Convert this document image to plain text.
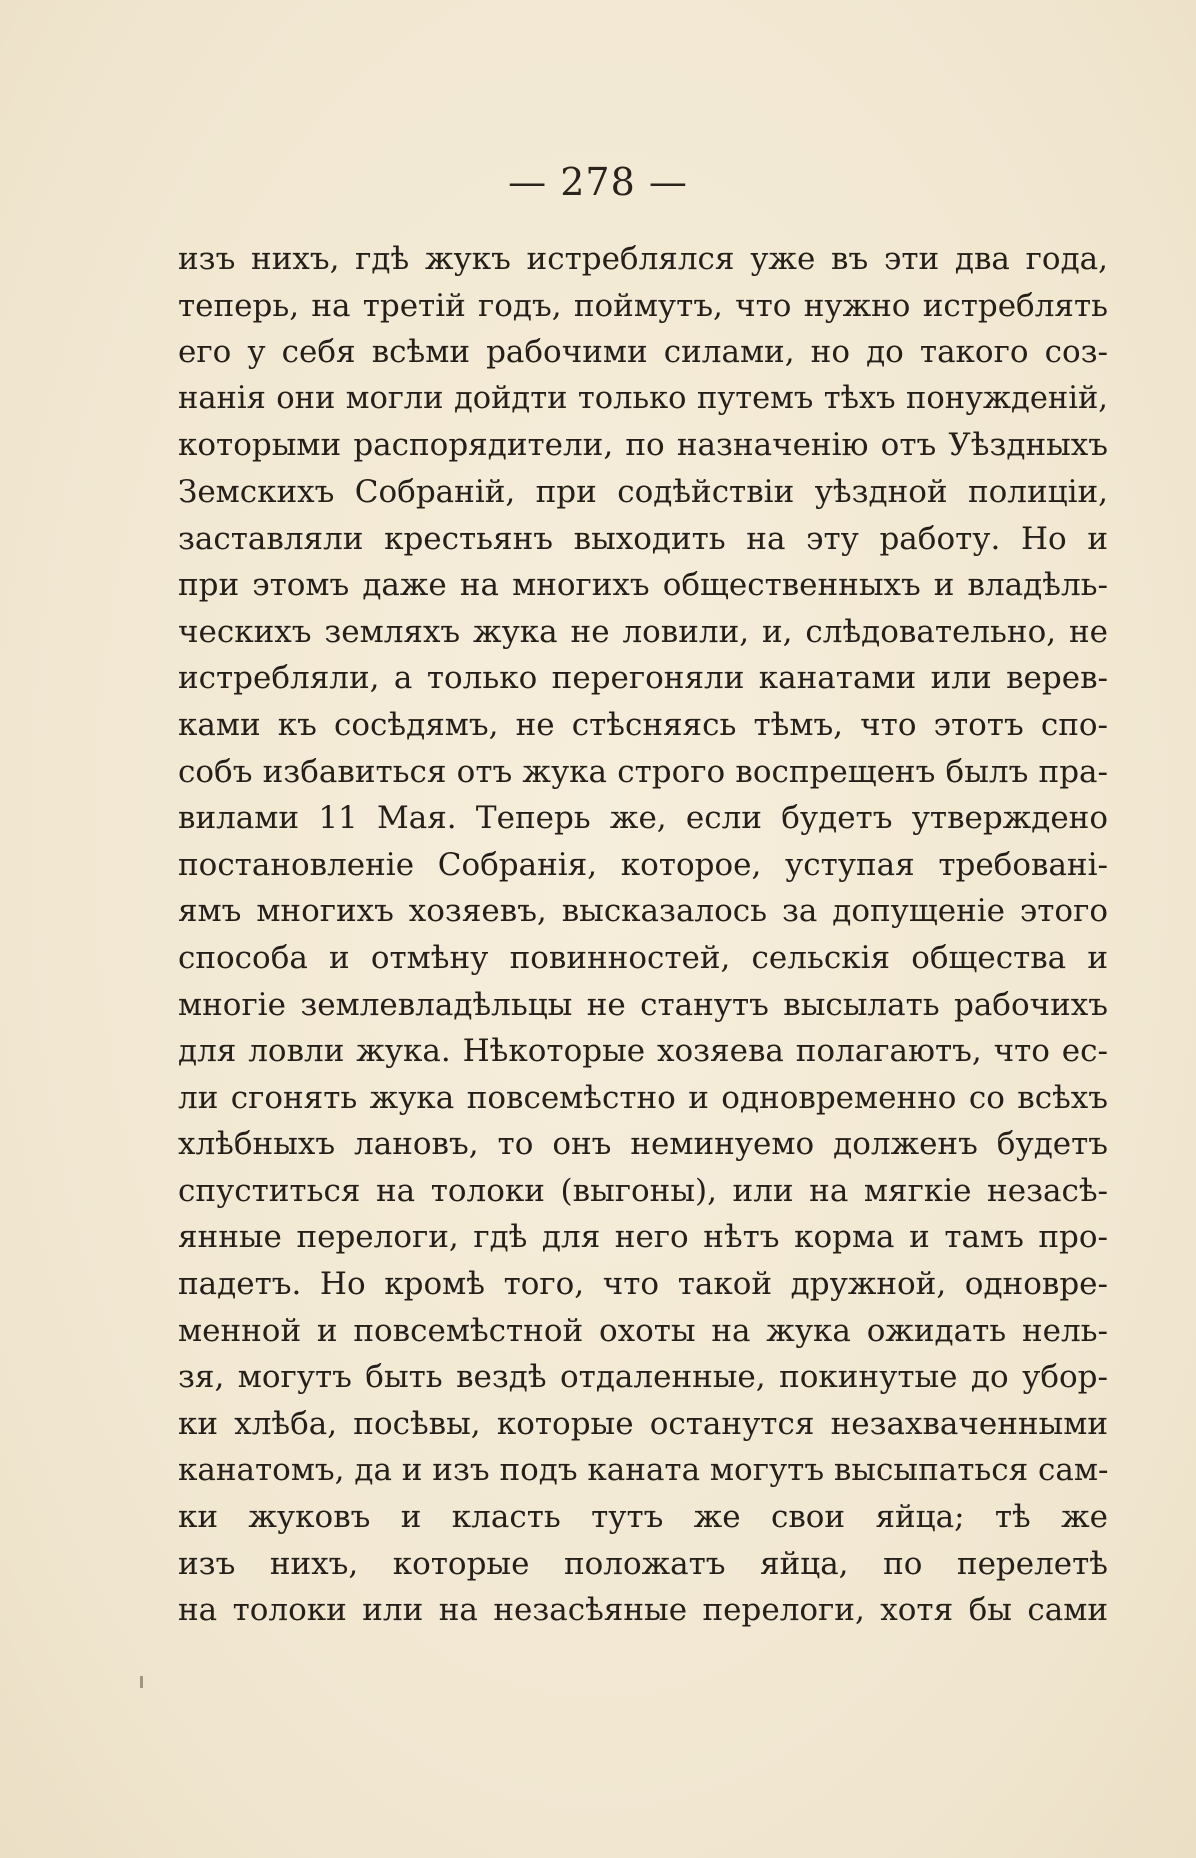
— 278 —
изъ нихъ, гдѣ жукъ истреблялся уже въ эти два года,
теперь, на третій годъ, поймутъ, что нужно истреблять
его у себя всѣми рабочими силами, но до такого соз-
нанія они могли дойдти только путемъ тѣхъ понужденій,
которыми распорядители, по назначенію отъ Уѣздныхъ
Земскихъ Собраній, при содѣйствіи уѣздной полиціи,
заставляли крестьянъ выходить на эту работу. Но и
при этомъ даже на многихъ общественныхъ и владѣль-
ческихъ земляхъ жука не ловили, и, слѣдовательно, не
истребляли, а только перегоняли канатами или верев-
ками къ сосѣдямъ, не стѣсняясь тѣмъ, что этотъ спо-
собъ избавиться отъ жука строго воспрещенъ былъ пра-
вилами 11 Мая. Теперь же, если будетъ утверждено
постановленіе Собранія, которое, уступая требовані-
ямъ многихъ хозяевъ, высказалось за допущеніе этого
способа и отмѣну повинностей, сельскія общества и
многіе землевладѣльцы не станутъ высылать рабочихъ
для ловли жука. Нѣкоторые хозяева полагаютъ, что ес-
ли сгонять жука повсемѣстно и одновременно со всѣхъ
хлѣбныхъ лановъ, то онъ неминуемо долженъ будетъ
спуститься на толоки (выгоны), или на мягкіе незасѣ-
янные перелоги, гдѣ для него нѣтъ корма и тамъ про-
падетъ. Но кромѣ того, что такой дружной, одновре-
менной и повсемѣстной охоты на жука ожидать нель-
зя, могутъ быть вездѣ отдаленные, покинутые до убор-
ки хлѣба, посѣвы, которые останутся незахваченными
канатомъ, да и изъ подъ каната могутъ высыпаться сам-
ки жуковъ и класть тутъ же свои яйца; тѣ же
изъ нихъ, которые положатъ яйца, по перелетѣ
на толоки или на незасѣяные перелоги, хотя бы сами
